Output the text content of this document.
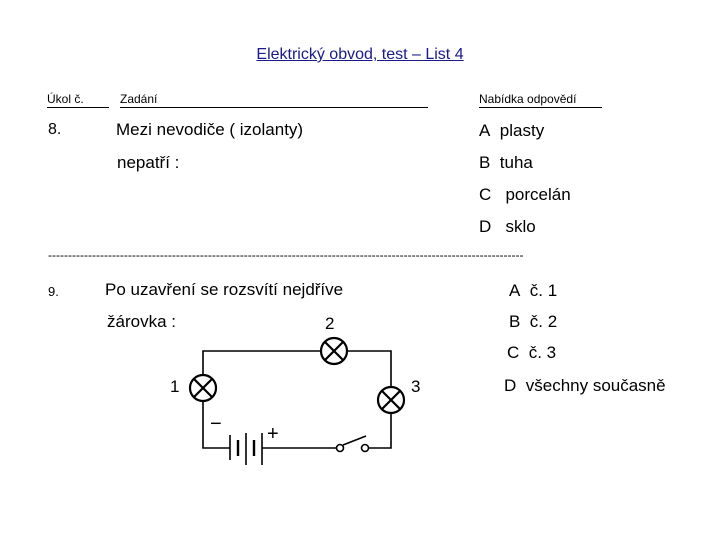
Elektrický obvod, test – List 4
Úkol č.	Zadání	Nabídka odpovědí
8.	Mezi nevodiče ( izolanty)
nepatří :
A plasty
B tuha
C porcelán
D sklo
-----------------------------------------------------------------------------------------------------------------------
9.	Po uzavření se rozsvítí nejdříve
žárovka :
A č. 1
B č. 2
C č. 3
D všechny současně
2
1	3
− +
